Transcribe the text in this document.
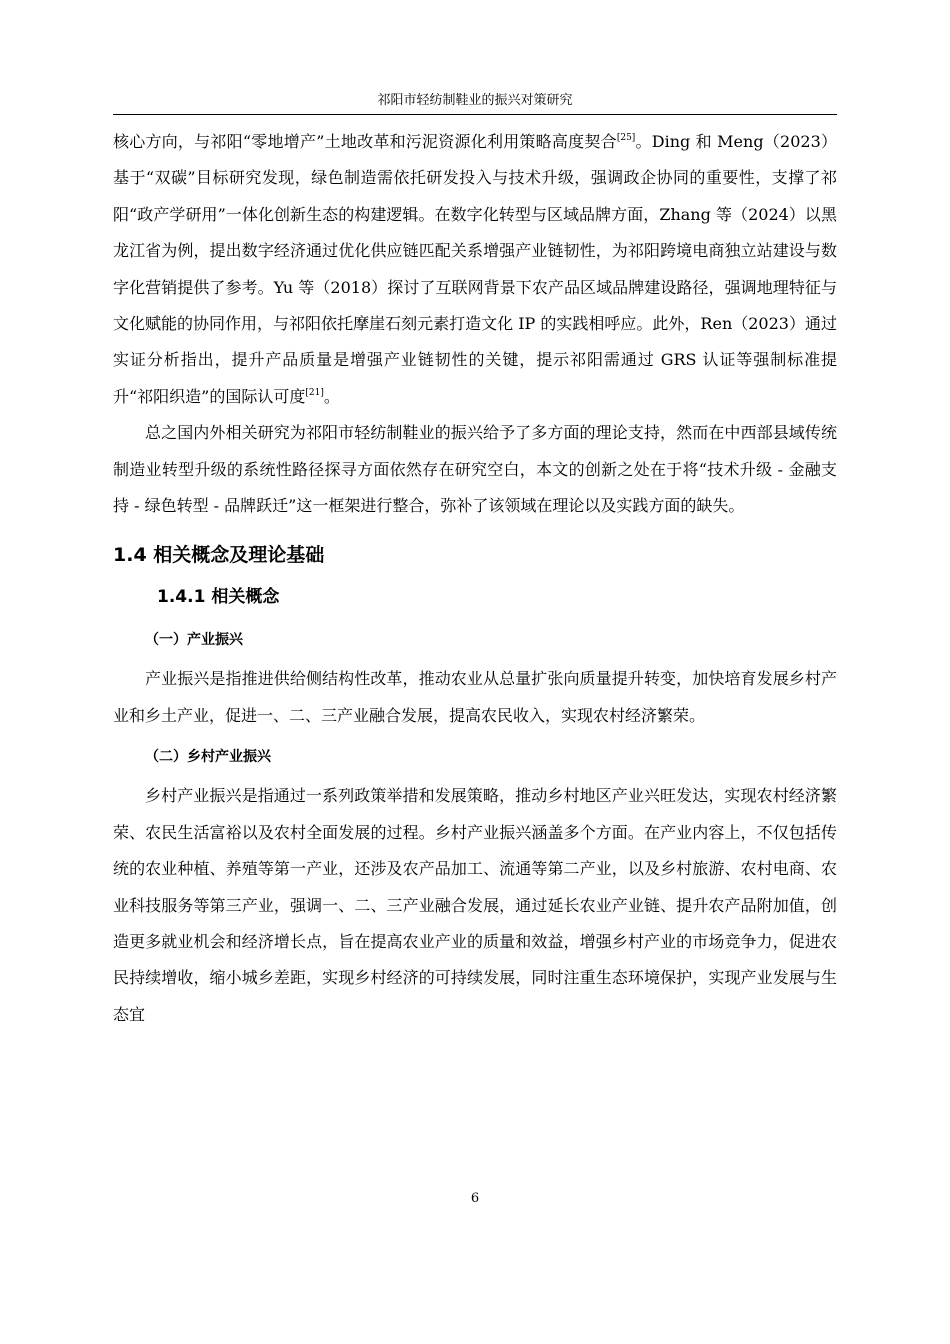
祁阳市轻纺制鞋业的振兴对策研究

核心方向，与祁阳“零地增产”土地改革和污泥资源化利用策略高度契合[25]。Ding 和 Meng（2023）基于“双碳”目标研究发现，绿色制造需依托研发投入与技术升级，强调政企协同的重要性，支撑了祁阳“政产学研用”一体化创新生态的构建逻辑。在数字化转型与区域品牌方面，Zhang 等（2024）以黑龙江省为例，提出数字经济通过优化供应链匹配关系增强产业链韧性，为祁阳跨境电商独立站建设与数字化营销提供了参考。Yu 等（2018）探讨了互联网背景下农产品区域品牌建设路径，强调地理特征与文化赋能的协同作用，与祁阳依托摩崖石刻元素打造文化 IP 的实践相呼应。此外，Ren（2023）通过实证分析指出，提升产品质量是增强产业链韧性的关键，提示祁阳需通过 GRS 认证等强制标准提升“祁阳织造”的国际认可度[21]。

总之国内外相关研究为祁阳市轻纺制鞋业的振兴给予了多方面的理论支持，然而在中西部县域传统制造业转型升级的系统性路径探寻方面依然存在研究空白，本文的创新之处在于将“技术升级 - 金融支持 - 绿色转型 - 品牌跃迁”这一框架进行整合，弥补了该领域在理论以及实践方面的缺失。

1.4 相关概念及理论基础
1.4.1 相关概念
（一）产业振兴

产业振兴是指推进供给侧结构性改革，推动农业从总量扩张向质量提升转变，加快培育发展乡村产业和乡土产业，促进一、二、三产业融合发展，提高农民收入，实现农村经济繁荣。

（二）乡村产业振兴

乡村产业振兴是指通过一系列政策举措和发展策略，推动乡村地区产业兴旺发达，实现农村经济繁荣、农民生活富裕以及农村全面发展的过程。乡村产业振兴涵盖多个方面。在产业内容上，不仅包括传统的农业种植、养殖等第一产业，还涉及农产品加工、流通等第二产业，以及乡村旅游、农村电商、农业科技服务等第三产业，强调一、二、三产业融合发展，通过延长农业产业链、提升农产品附加值，创造更多就业机会和经济增长点，旨在提高农业产业的质量和效益，增强乡村产业的市场竞争力，促进农民持续增收，缩小城乡差距，实现乡村经济的可持续发展，同时注重生态环境保护，实现产业发展与生态宜

6
